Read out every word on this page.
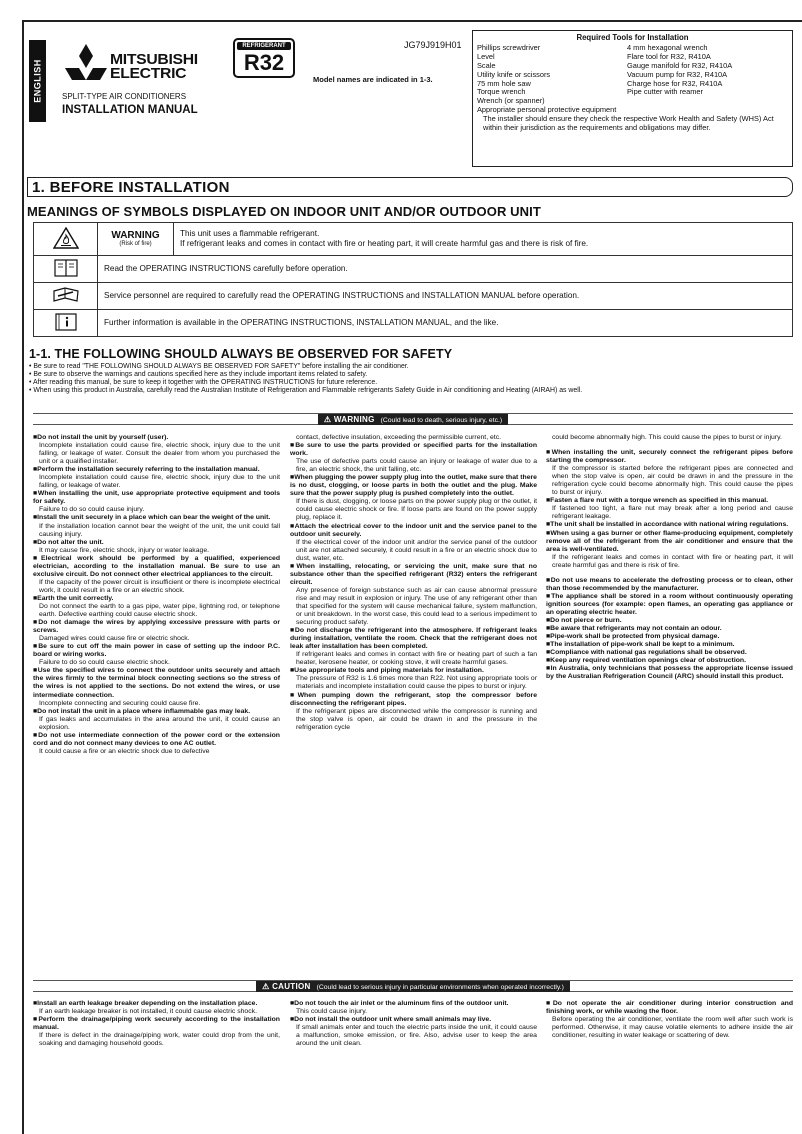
ENGLISH	MITSUBISHI
ELECTRIC
REFRIGERANT
R32
JG79J919H01
Model names are indicated in 1-3.
SPLIT-TYPE AIR CONDITIONERS
INSTALLATION MANUAL
Required Tools for Installation
Phillips screwdriver	4 mm hexagonal wrench
Level	Flare tool for R32, R410A
Scale	Gauge manifold for R32, R410A
Utility knife or scissors	Vacuum pump for R32, R410A
75 mm hole saw	Charge hose for R32, R410A
Torque wrench	Pipe cutter with reamer
Wrench (or spanner)
Appropriate personal protective equipment
The installer should ensure they check the respective Work Health and Safety (WHS) Act within their jurisdiction as the requirements and obligations may differ.
1. BEFORE INSTALLATION
MEANINGS OF SYMBOLS DISPLAYED ON INDOOR UNIT AND/OR OUTDOOR UNIT

WARNING
(Risk of fire)
This unit uses a flammable refrigerant.
If refrigerant leaks and comes in contact with fire or heating part, it will create harmful gas and there is risk of fire.

	Read the OPERATING INSTRUCTIONS carefully before operation.
	Service personnel are required to carefully read the OPERATING INSTRUCTIONS and INSTALLATION MANUAL before operation.
	Further information is available in the OPERATING INSTRUCTIONS, INSTALLATION MANUAL, and the like.
1-1. THE FOLLOWING SHOULD ALWAYS BE OBSERVED FOR SAFETY
• Be sure to read "THE FOLLOWING SHOULD ALWAYS BE OBSERVED FOR SAFETY" before installing the air conditioner.
• Be sure to observe the warnings and cautions specified here as they include important items related to safety.
• After reading this manual, be sure to keep it together with the OPERATING INSTRUCTIONS for future reference.
• When using this product in Australia, carefully read the Australian Institute of Refrigeration and Flammable refrigerants Safety Guide in Air conditioning and Heating (AIRAH) as well.
⚠ WARNING (Could lead to death, serious injury, etc.)
■ Do not install the unit by yourself (user).
Incomplete installation could cause fire, electric shock, injury due to the unit falling, or leakage of water. Consult the dealer from whom you purchased the unit or a qualified installer.
■ Perform the installation securely referring to the installation manual.
Incomplete installation could cause fire, electric shock, injury due to the unit falling, or leakage of water.
■ When installing the unit, use appropriate protective equipment and tools for safety.
Failure to do so could cause injury.
■ Install the unit securely in a place which can bear the weight of the unit.
If the installation location cannot bear the weight of the unit, the unit could fall causing injury.
■ Do not alter the unit.
It may cause fire, electric shock, injury or water leakage.
■ Electrical work should be performed by a qualified, experienced electrician, according to the installation manual. Be sure to use an exclusive circuit. Do not connect other electrical appliances to the circuit.
If the capacity of the power circuit is insufficient or there is incomplete electrical work, it could result in a fire or an electric shock.
■ Earth the unit correctly.
Do not connect the earth to a gas pipe, water pipe, lightning rod, or telephone earth. Defective earthing could cause electric shock.
■ Do not damage the wires by applying excessive pressure with parts or screws.
Damaged wires could cause fire or electric shock.
■ Be sure to cut off the main power in case of setting up the indoor P.C. board or wiring works.
Failure to do so could cause electric shock.
■ Use the specified wires to connect the outdoor units securely and attach the wires firmly to the terminal block connecting sections so the stress of the wires is not applied to the sections. Do not extend the wires, or use intermediate connection.
Incomplete connecting and securing could cause fire.
■ Do not install the unit in a place where inflammable gas may leak.
If gas leaks and accumulates in the area around the unit, it could cause an explosion.
■ Do not use intermediate connection of the power cord or the extension cord and do not connect many devices to one AC outlet.
It could cause a fire or an electric shock due to defective
contact, defective insulation, exceeding the permissible current, etc.
■ Be sure to use the parts provided or specified parts for the installation work.
The use of defective parts could cause an injury or leakage of water due to a fire, an electric shock, the unit falling, etc.
■ When plugging the power supply plug into the outlet, make sure that there is no dust, clogging, or loose parts in both the outlet and the plug. Make sure that the power supply plug is pushed completely into the outlet.
If there is dust, clogging, or loose parts on the power supply plug or the outlet, it could cause electric shock or fire. If loose parts are found on the power supply plug, replace it.
■ Attach the electrical cover to the indoor unit and the service panel to the outdoor unit securely.
If the electrical cover of the indoor unit and/or the service panel of the outdoor unit are not attached securely, it could result in a fire or an electric shock due to dust, water, etc.
■ When installing, relocating, or servicing the unit, make sure that no substance other than the specified refrigerant (R32) enters the refrigerant circuit.
Any presence of foreign substance such as air can cause abnormal pressure rise and may result in explosion or injury. The use of any refrigerant other than that specified for the system will cause mechanical failure, system malfunction, or unit breakdown. In the worst case, this could lead to a serious impediment to securing product safety.
■ Do not discharge the refrigerant into the atmosphere. If refrigerant leaks during installation, ventilate the room. Check that the refrigerant does not leak after installation has been completed.
If refrigerant leaks and comes in contact with fire or heating part of such a fan heater, kerosene heater, or cooking stove, it will create harmful gases.
■ Use appropriate tools and piping materials for installation.
The pressure of R32 is 1.6 times more than R22. Not using appropriate tools or materials and incomplete installation could cause the pipes to burst or injury.
■ When pumping down the refrigerant, stop the compressor before disconnecting the refrigerant pipes.
If the refrigerant pipes are disconnected while the compressor is running and the stop valve is open, air could be drawn in and the pressure in the refrigeration cycle
could become abnormally high. This could cause the pipes to burst or injury.
■ When installing the unit, securely connect the refrigerant pipes before starting the compressor.
If the compressor is started before the refrigerant pipes are connected and when the stop valve is open, air could be drawn in and the pressure in the refrigeration cycle could become abnormally high. This could cause the pipes to burst or injury.
■ Fasten a flare nut with a torque wrench as specified in this manual.
If fastened too tight, a flare nut may break after a long period and cause refrigerant leakage.
■ The unit shall be installed in accordance with national wiring regulations.
■ When using a gas burner or other flame-producing equipment, completely remove all of the refrigerant from the air conditioner and ensure that the area is well-ventilated.
If the refrigerant leaks and comes in contact with fire or heating part, it will create harmful gas and there is risk of fire.
■ Do not use means to accelerate the defrosting process or to clean, other than those recommended by the manufacturer.
■ The appliance shall be stored in a room without continuously operating ignition sources (for example: open flames, an operating gas appliance or an operating electric heater.
■ Do not pierce or burn.
■ Be aware that refrigerants may not contain an odour.
■ Pipe-work shall be protected from physical damage.
■ The installation of pipe-work shall be kept to a minimum.
■ Compliance with national gas regulations shall be observed.
■ Keep any required ventilation openings clear of obstruction.
■ In Australia, only technicians that possess the appropriate license issued by the Australian Refrigeration Council (ARC) should install this product.
⚠ CAUTION (Could lead to serious injury in particular environments when operated incorrectly.)
■ Install an earth leakage breaker depending on the installation place.
If an earth leakage breaker is not installed, it could cause electric shock.
■ Perform the drainage/piping work securely according to the installation manual.
If there is defect in the drainage/piping work, water could drop from the unit, soaking and damaging household goods.
■ Do not touch the air inlet or the aluminum fins of the outdoor unit.
This could cause injury.
■ Do not install the outdoor unit where small animals may live.
If small animals enter and touch the electric parts inside the unit, it could cause a malfunction, smoke emission, or fire. Also, advise user to keep the area around the unit clean.
■ Do not operate the air conditioner during interior construction and finishing work, or while waxing the floor.
Before operating the air conditioner, ventilate the room well after such work is performed. Otherwise, it may cause volatile elements to adhere inside the air conditioner, resulting in water leakage or scattering of dew.
